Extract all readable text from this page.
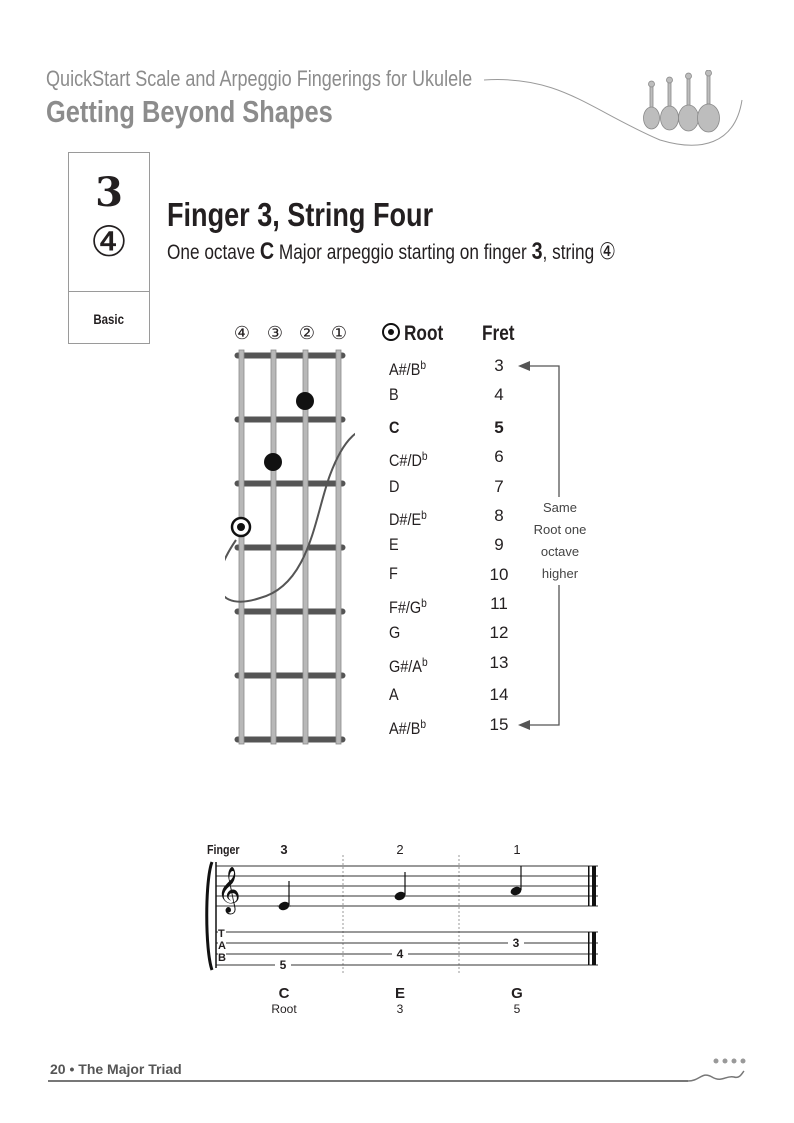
QuickStart Scale and Arpeggio Fingerings for Ukulele
Getting Beyond Shapes
3
④
Basic
Finger 3, String Four
One octave C Major arpeggio starting on finger 3, string ④
④ ③ ② ①	Root	Fret
$A\#/B^b$	3
B	4
C	5
$C\#/D^b$	6
D	7
$D\#/E^b$	8
E	9
F	10
$F\#/G^b$	11
G	12
$G\#/A^b$	13
A	14
$A\#/B^b$	15
Same
Root one
octave
higher
Finger	3	2	1
𝄞
T
A
B	5
4
3
C
Root
E
3
G
5
20 • The Major Triad
